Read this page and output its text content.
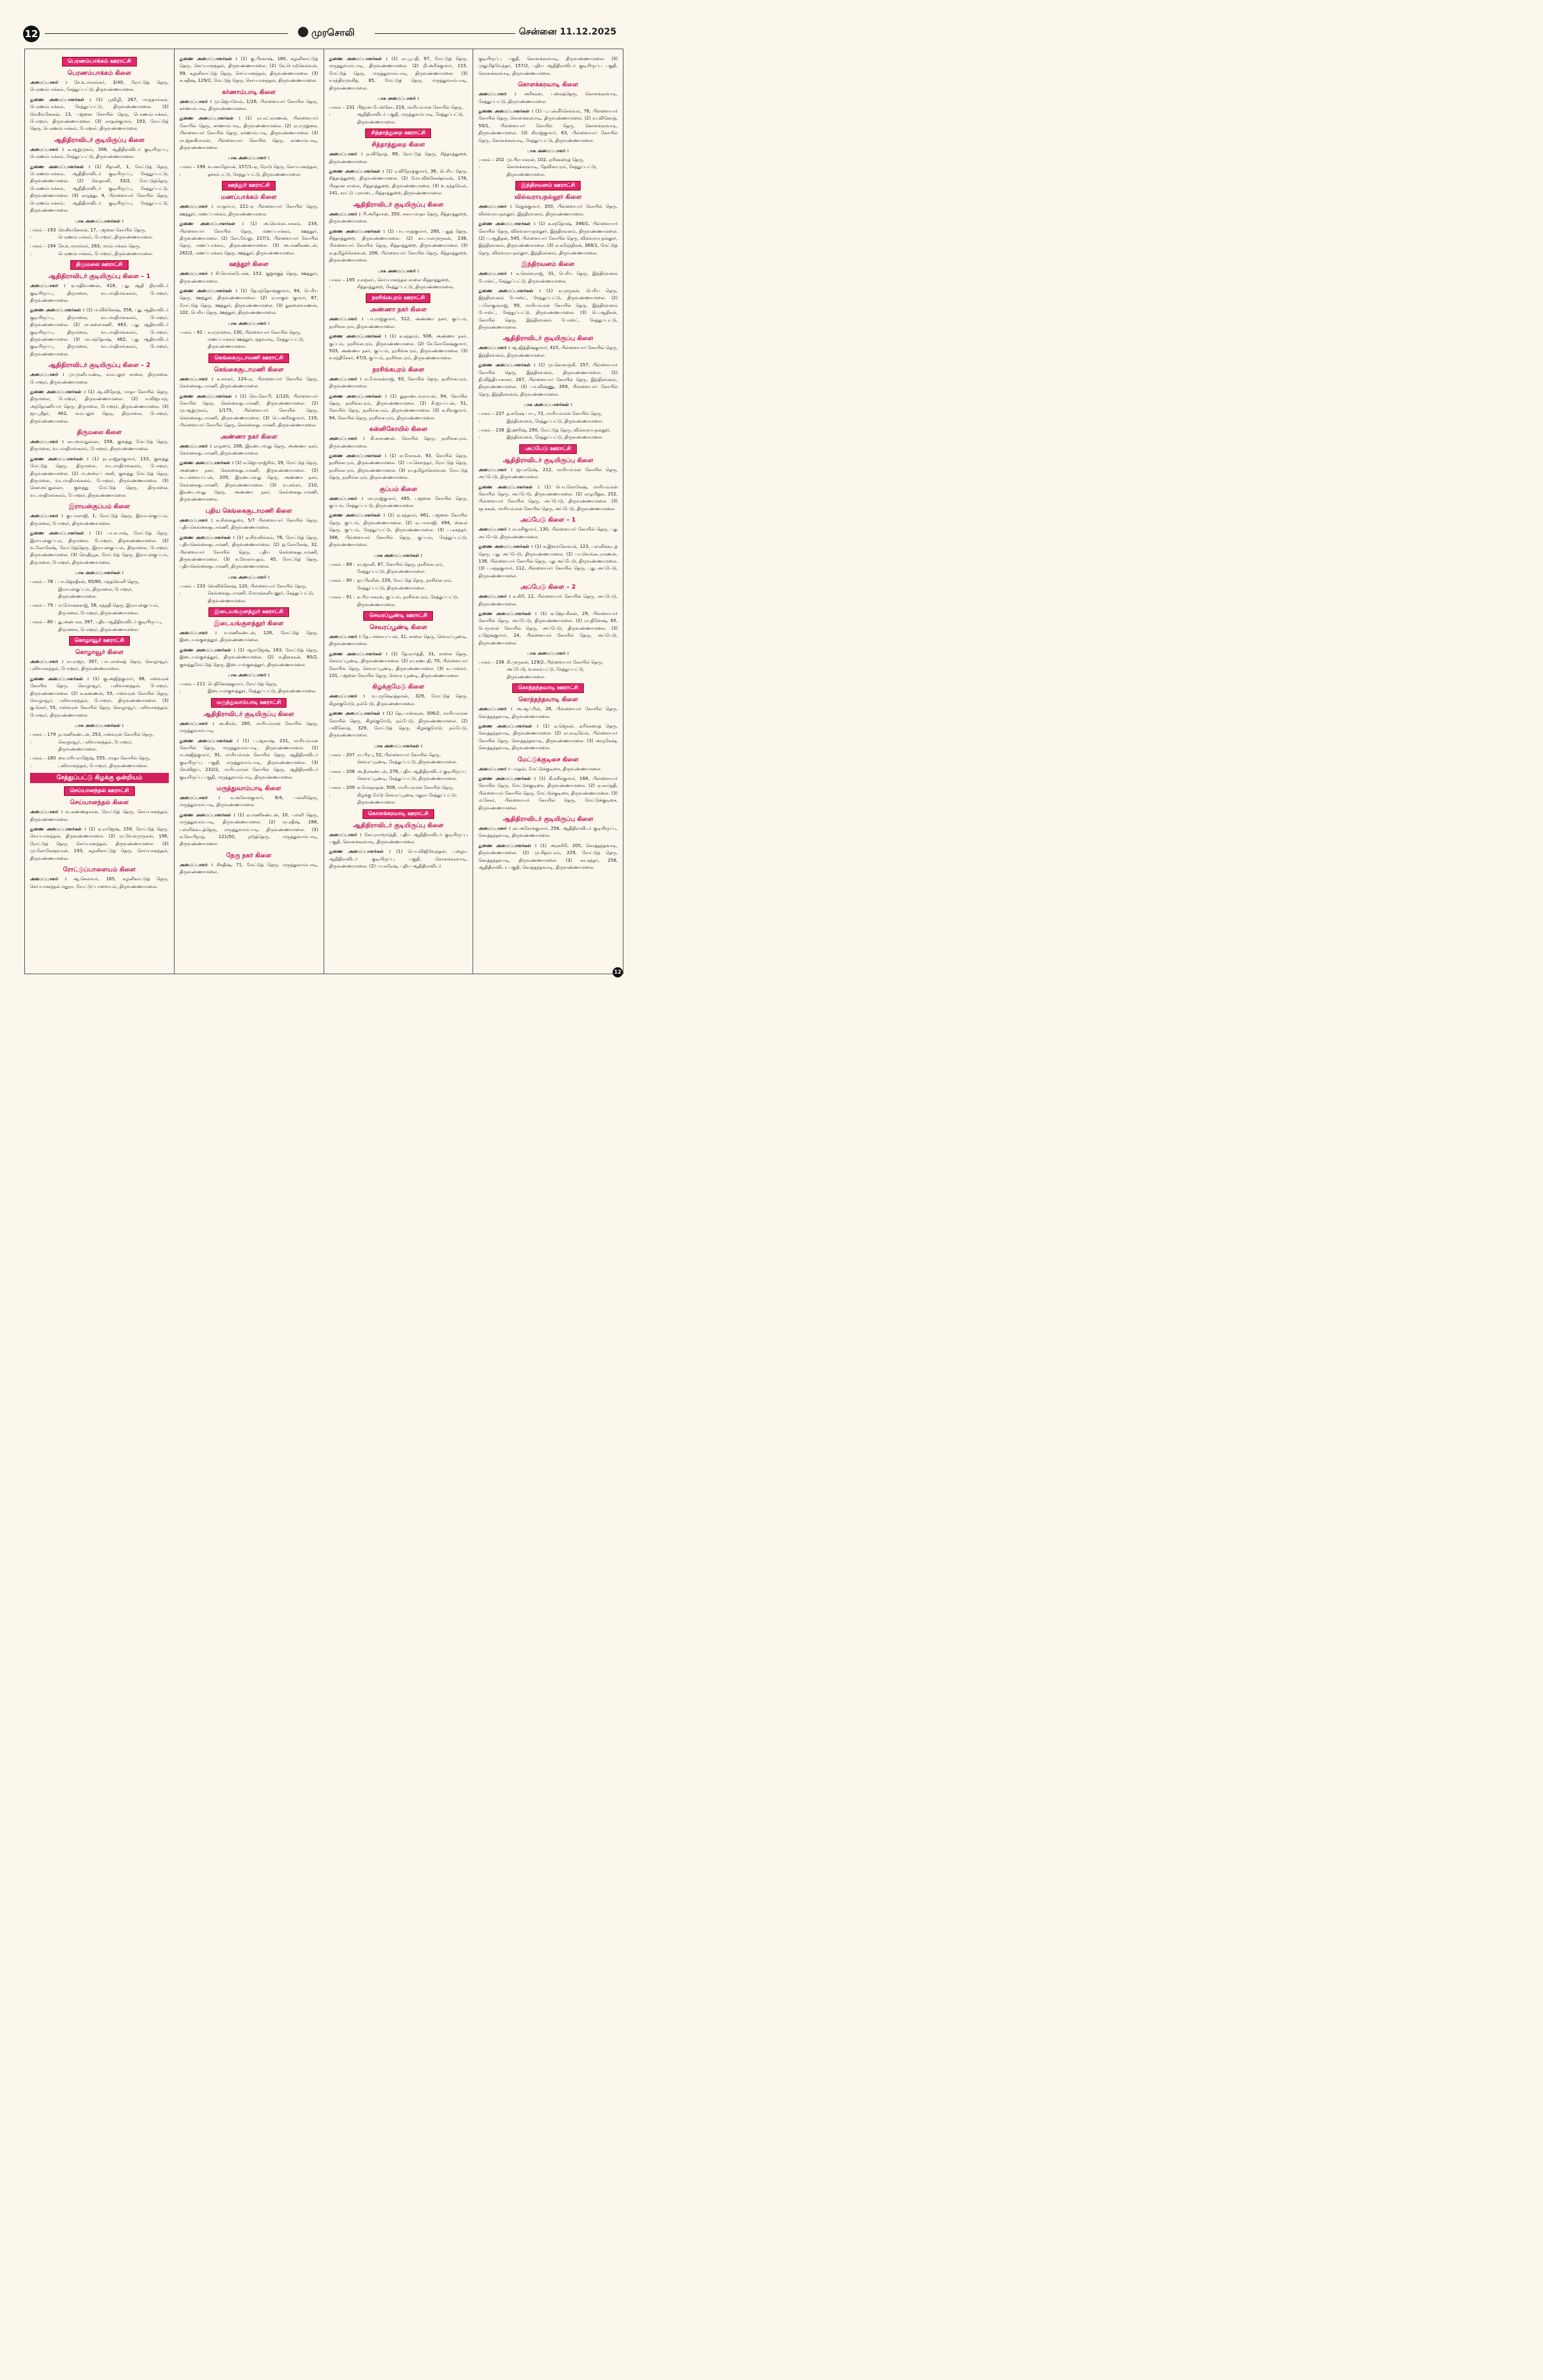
12	முரசொலி	சென்னை 11.12.2025
பெரணம்பாக்கம் ஊராட்சி
பெரணம்பாக்கம் கிளை

அமைப்பாளர் : சே.உ.மாசங்கர், 3/40, ரோட்டுத் தெரு, பெரணம்பாக்கம், சேத்துப்பட்டு, திருவண்ணாமலை.

துணை அமைப்பாளர்கள் : (1) பூவிழி, 267, மாந்தாங்கல், பெரணம்பாக்கம், சேத்துப்பட்டு, திருவண்ணாமலை. (2) வெகீவனேசன், 13, பஜனை கோயில் தெரு, பெரணம்பாக்கம், போளூர், திருவண்ணாமலை. (3) சமதன்குமார், 193, ரோட்டுத் தெரு, பெரணம்பாக்கம், போளூர், திருவண்ணாமலை.

ஆதிதிராவிடர் குடியிருப்பு கிளை

அமைப்பாளர் : க.ஆறுமுகம், 398, ஆதிதிராவிடர் குடியிருப்பு, பெரணம்பாக்கம், சேத்துப்பட்டு, திருவண்ணாமலை.

துணை அமைப்பாளர்கள் : (1) சிதானி, 1, மேட்டுத் தெரு, பெரணம்பாக்கம், ஆதிதிராவிடர் குடியிருப்பு, சேத்துப்பட்டு, திருவண்ணாமலை. (2) வெதானி, 33/2, மேட்டுத்தெரு, பெரணம்பாக்கம், ஆதிதிராவிடர் குடியிருப்பு, சேத்துப்பட்டு, திருவண்ணாமலை. (3) ஏழுத்து, 4, பிள்ளையார் கோயில் தெரு, பெரணம்பாக்கம், ஆதிதிராவிடர் குடியிருப்பு, சேத்துப்பட்டு, திருவண்ணாமலை.

பாக அமைப்பாளர்கள் :
பாகம் – 193 :
வெகீவனேசன், 17, பஜனை கோயில் தெரு, பெரணம்பாக்கம், போளூர், திருவண்ணாமலை.
பாகம் – 194 :
சே.உ.மாசங்கர், 263, மாம்பாக்கம் தெரு, பெரணம்பாக்கம், போளூர், திருவண்ணாமலை.
திருமலை ஊராட்சி
ஆதிதிராவிடர் குடியிருப்பு கிளை – 1

அமைப்பாளர் : ஏ.மதிவாணன், 418, புது ஆதி திராவிடர் குடியிருப்பு, திருமலை, வடமாதிமங்கலம், போளூர், திருவண்ணாமலை.

துணை அமைப்பாளர்கள் : (1) ம.விக்னேஷ், 358, புது ஆதிராவிடர் குடியிருப்பு, திருமலை, வடமாதிமங்கலம், போளூர், திருவண்ணாமலை. (2) ரா.கலைமணி, 463, புது ஆதிராவிடர் குடியிருப்பு, திருமலை, வடமாதிமங்கலம், போளூர், திருவண்ணாமலை. (3) மா.சந்தோஷ், 462, புது ஆதிராவிடர் குடியிருப்பு, திருமலை, வடமாதிமங்கலம், போளூர், திருவண்ணாமலை.

ஆதிதிராவிடர் குடியிருப்பு கிளை – 2

அமைப்பாளர் : மு.முனியாண்டி, வம்பலூர் சாலை, திருமலை, போளூர், திருவண்ணாமலை.

துணை அமைப்பாளர்கள் : (1) ஆ.விநோத், மாதா கோயில் தெரு, திருமலை, போளூர், திருவண்ணாமலை. (2) ச.விஜயாந், அந்தோணியார் தெரு, திருமலை, போளூர், திருவண்ணாமலை. (3) ஜா.ஸ்ரீதர், 462, வம்பலூர் தெரு, திருமலை, போளூர், திருவண்ணாமலை.

திருமலை கிளை

அமைப்பாளர் : கா.அமாதுல்லா, 158, குளத்து மேட்டுத் தெரு, திருமலை, வடமாதிமங்கலம், போளூர், திருவண்ணாமலை.

துணை அமைப்பாளர்கள் : (1) நடராஜ்தர்குமார், 133, குளத்து மேட்டுத் தெரு, திருமலை, வடமாதிமங்கலம், போளூர், திருவண்ணாமலை. (2) ம.அஸ்ரப் அலி, குளத்து மேட்டுத் தெரு, திருமலை, வடமாதிமங்கலம், போளூர், திருவண்ணாமலை. (3) கெளஅப்துல்லா, குளத்து மேட்டுத் தெரு, திருமலை, வடமாதிமங்கலம், போளூர், திருவண்ணாமலை.

இராயன்குப்பம் கிளை

அமைப்பாளர் : கு.பாலாஜி, 1, ரோட்டுத் தெரு, இராயன்குப்பம், திருமலை, போளூர், திருவண்ணாமலை.

துணை அமைப்பாளர்கள் : (1) பா.சபாஷ், ரோட்டுத் தெரு, இராயன்குப்பம், திருமலை, போளூர், திருவண்ணாமலை. (2) வ.லோகேஷ், ரோட்டுத்தெரு, இராயன்குப்பம், திருமலை, போளூர், திருவண்ணாமலை. (3) வெதியூசு, ரோட்டுத் தெரு, இராயன்குப்பம், திருமலை, போளூர், திருவண்ணாமலை.

பாக அமைப்பாளர்கள் :
பாகம் – 78 : பா.ஜெகதீசன், 95/80, மந்தவெளி தெரு, இராயன்குப்பம், திருமலை, போளூர், திருவண்ணாமலை.
பாகம் – 79 : ம.மோகனராஜ், 56, சந்நதி தெரு, இராயன்குப்பம், திருமலை, போளூர், திருவண்ணாமலை.
பாகம் – 80 : து.அன்பரசு, 397, புதிய ஆதிதிராவிடர் குடியிருப்பு, திருமலை, போளூர், திருவண்ணாமலை.
கொழாவூர் ஊராட்சி
கொழாவூர் கிளை

அமைப்பாளர் : ரா.ராஜா, 397, பாடசாலைத் தெரு, கொழாவூர், புலிவானந்தல், போளூர், திருவண்ணாமலை.

துணை அமைப்பாளர்கள் : (1) கு.அஜித்குமார், 98, ஈஸ்வரன் கோயில் தெரு, கொழாவூர், புலிவானந்தல், போளூர், திருவண்ணாமலை. (2) க.கண்ணன், 55, ஈஸ்வரன் கோயில் தெரு, கொழாவூர், புலிவானந்தல், போளூர், திருவண்ணாமலை. (3) கு.செசர், 55, ஈஸ்வரன் கோயில் தெரு, கொழாவூர், புலிவானந்தல், போளூர், திருவண்ணாமலை.

பாக அமைப்பாளர்கள் :
பாகம் – 179 :
ந.மணிகண்டன், 253, ஈஸ்வரன் கோயில் தெரு, கொழாவூர், புலிவானந்தல், போளூர், திருவண்ணாமலை.
பாகம் – 180 :
சை.மரியராஜேஷ், 555, மாதா கோயில் தெரு, புலிவானந்தல், போளூர், திருவண்ணாமலை.
சேத்துப்பட்டு கிழக்கு ஒன்றியம்
செய்யானந்தல் ஊராட்சி
செய்யானந்தல் கிளை

அமைப்பாளர் : வ.கண்ணதாசன், ரோட்டுத் தெரு, செய்யானந்தல், திருவண்ணாமலை.

துணை அமைப்பாளர்கள் : (1) ஏ.ராஜேஷ், 159, ரோட்டுத் தெரு, செய்யானந்தல், திருவண்ணாமலை. (2) ரா.வேல்முருகன், 196, ரோட்டுத் தெரு, செய்யானந்தல், திருவண்ணாமலை. (3) மு.லோகேஷ்வரன், 193, கழனிகாட்டுத் தெரு, செய்யானந்தல், திருவண்ணாமலை.

ரோட்டுப்பாளையம் கிளை

அமைப்பாளர் : ஆ.செல்வம், 185, கழனிகாட்டுத் தெரு, செய்யானந்தல் மதுரா, ரோட்டுப்பாளையம், திருவண்ணாமலை.

துணை அமைப்பாளர்கள் : (1) கு.பிரகாஷ், 180, கழனிகாட்டுத் தெரு, செய்யானந்தல், திருவண்ணாமலை. (2) கே.பொற்செல்வன், 99, கழனிகாட்டுத் தெரு, செய்யானந்தல், திருவண்ணாமலை. (3) சு.சதிஷ், 129/2, மேட்டுத் தெரு, செய்யானந்தல், திருவண்ணாமலை.

கர்ணாம்பாடி கிளை

அமைப்பாளர் : மு.ஜெயவேல், 1/16, பிள்ளையார் கோயில் தெரு, கர்ணாம்பாடி, திருவண்ணாமலை.

துணை அமைப்பாளர்கள் : (1) ரா.லட்சுமணன், பிள்ளையார் கோயில் தெரு, கர்ணாம்பாடி, திருவண்ணாமலை. (2) ஏ.ரமுறுகை, பிள்ளையார் கோயில் தெரு, கர்ணாம்பாடி, திருவண்ணாமலை. (3) ரா.ஜனகிராமன், பிள்ளையார் கோயில் தெரு, கர்ணாம்பாடி, திருவண்ணாமலை.

பாக அமைப்பாளர் :
பாகம் – 198 :
வ.சகாதேவன், 157/1–ஏ, ரோடு தெரு, செய்யானந்தல், தச்சம்பட்டு, சேத்துப்பட்டு, திருவண்ணாமலை.
ஊத்தூர் ஊராட்சி
மணப்பாக்கம் கிளை

அமைப்பாளர் : ம.சூர்யா, 221–ஏ பிள்ளையார் கோயில் தெரு, ஊத்தூர், மணப்பாக்கம், திருவண்ணாமலை.

துணை அமைப்பாளர்கள் : (1) அ.வெங்கடாசலம், 234, பிள்ளையார் கோயில் தெரு, மணப்பாக்கம், ஊத்தூர், திருவண்ணாமலை. (2) கோ.வேலு, 227/1, பிள்ளையார் கோயில் தெரு, மணப்பாக்கம், திருவண்ணாமலை. (3) அ.மணிகண்டன், 262/2, மணப்பாக்கம் தெரு, ஊத்தூர், திருவண்ணாமலை.

ஊத்தூர் கிளை

அமைப்பாளர் : சி.வெங்கடேசன், 152, குறுக்குத் தெரு, ஊத்தூர், திருவண்ணாமலை.

துணை அமைப்பாளர்கள் : (1) தே.சந்தோஷ்குமார், 94, பெரிய தெரு, ஊத்தூர், திருவண்ணாமலை. (2) ஏ.ராகுல் குமார், 87, ரோட்டுத் தெரு, ஊத்தூர், திருவண்ணாமலை. (3) துகலைவாணன், 102, பெரிய தெரு, ஊத்தூர், திருவண்ணாமலை.

பாக அமைப்பாளர் :
பாகம் – 92 : ச.ரமுமலை, 230, பிள்ளையார் கோயில் தெரு, மணப்பாக்கம் ஊத்தூர், ஒதவலடி, சேத்துப்பட்டு, திருவண்ணாமலை.
கெங்கைசூடாமணி ஊராட்சி
கெங்கைசூடாமணி கிளை

அமைப்பாளர் : க.சங்கர், 124–ஏ, பிள்ளையார் கோயில் தெரு, கெங்கைசூடாமணி, திருவண்ணாமலை.

துணை அமைப்பாளர்கள் : (1) வெ.கோபி, 1/120, பிள்ளையார் கோயில் தெரு, கெங்கைசூடாமணி, திருவண்ணாமலை. (2) மு.ஆறுமுகம், 1/175, பிள்ளையார் கோயில் தெரு, கெங்கைசூடாமணி, திருவண்ணாமலை. (3) பெ.அரிக்குமார், 119, பிள்ளையார் கோயில் தெரு, கெங்கைசூடாமணி, திருவண்ணாமலை.

அண்ணா நகர் கிளை

அமைப்பாளர் : ஏழுமை, 208, இரண்டாவது தெரு, அண்ணா நகர், கெங்கைசூடாமணி, திருவண்ணாமலை.

துணை அமைப்பாளர்கள் : (1) க.ஜெயராஜ்சிங், 29, ரோட்டுத் தெரு, அண்ணா நகர், கெங்கைசூடாமணி, திருவண்ணாமலை. (2) வ.பச்சையப்பன், 205, இரண்டாவது தெரு, அண்ணா நகர், கெங்கைசூடாமணி, திருவண்ணாமலை. (3) ரா.சங்கர், 210, இரண்டாவது தெரு, அண்ணா நகர், கெங்கைசூடாமணி, திருவண்ணாமலை.

புதிய கெங்கைசூடாமணி கிளை

அமைப்பாளர் : சு.சின்னதுரை, 5/7 பிள்ளையார் கோயில் தெரு, புதியகெங்கைசூடாமணி, திருவண்ணாமலை.

துணை அமைப்பாளர்கள் : (1) ஏ.சிவலிங்கம், 76, ரோட்டுத் தெரு, புதியகெங்கைசூடாமணி, திருவண்ணாமலை. (2) ஓ.லோகேஷ், 32, பிள்ளையார் கோயில் தெரு, புதிய கெங்கைசூடாமணி, திருவண்ணாமலை. (3) க.வேலாயுதம், 45, ரோட்டுத் தெரு, புதியகெங்கைசூடாமணி, திருவண்ணாமலை.

பாக அமைப்பாளர் :
பாகம் – 233 :
வெவிக்னேஷ், 120, பிள்ளையார் கோயில் தெரு, கெங்கைசூடாமணி, மோரக்கனியனூர், சேத்துப்பட்டு, திருவண்ணாமலை.
இடையங்குளத்தூர் ஊராட்சி
இடையங்குளத்தூர் கிளை

அமைப்பாளர் : ச.மணிகண்டன், 126, ரோட்டுத் தெரு, இடையங்குளத்தூர், திருவண்ணாமலை.

துணை அமைப்பாளர்கள் : (1) ஆராஜேஷ், 163, ரோட்டுத் தெரு, இடையங்குளத்தூர், திருவண்ணாமலை. (2) க.தினகரன், 80/2, குளத்துமேட்டுத் தெரு, இடையங்குளத்தூர், திருவண்ணாமலை.

பாக அமைப்பாளர் :
பாகம் – 211 :
பெதினேஷ்குமார், ரோட்டுத் தெரு, இடையங்குளத்தூர், சேத்துப்பட்டு, திருவண்ணாமலை.
மருத்துவாம்பாடி ஊராட்சி
ஆதிதிராவிடர் குடியிருப்பு கிளை

அமைப்பாளர் : அ.கிரன், 260, மாரியம்மன் கோயில் தெரு, மருத்துவாம்பாடி.

துணை அமைப்பாளர்கள் : (1) ப.ஆகாஷ், 231, மாரியம்மன் கோயில் தெரு, மருத்துவாம்பாடி, திருவண்ணாமலை. (2) ம.அஜித்குமார், 91, மாரியம்மன் கோயில் தெரு, ஆதிதிராவிடர் குடியிருப்பு பகுதி, மருத்துவாம்பாடி, திருவண்ணாமலை. (3) வேவிஜய், 232/2, மாரியம்மன் கோயில் தெரு, ஆதிதிராவிடர் குடியிருப்பு பகுதி, மருத்துவாம்பாடி, திருவண்ணாமலை.

மருத்துவாம்பாடி கிளை

அமைப்பாளர் : க.அசோக்குமார், 9/4, பள்ளிதெரு, மருத்துவாம்பாடி, திருவண்ணாமலை.

துணை அமைப்பாளர்கள் : (1) ஏ.மணிகண்டன், 10, பள்ளி தெரு, மருத்துவாம்பாடி, திருவண்ணாமலை. (2) ரா.சதீஷ், 188, பள்ளிக்கூடத்தெரு, மருத்துவாம்பாடி, திருவண்ணாமலை. (3) க.கோபிநாத், 121/50, நடுத்தெரு, மருத்துவாம்பாடி, திருவண்ணாமலை.

நேரு நகர் கிளை

அமைப்பாளர் : சிசதிஷ், 71, மேட்டுத் தெரு, மருத்துவாம்பாடி, திருவண்ணாமலை.

துணை அமைப்பாளர்கள் : (1) ரா.பூபதி, 97, மேட்டுத் தெரு, மருத்துவாம்பாடி, திருவண்ணாமலை. (2) நி.அரிக்குமார், 115, மேட்டுத் தெரு, மருத்துவாம்பாடி, திருவண்ணாமலை. (3) ச.சந்திரமுரசித், 85, மேட்டுத் தெரு, மருத்துவாம்பாடி, திருவண்ணாமலை.

பாக அமைப்பாளர் :
பாகம் – 231 :
பிஜான் பேஸ்கோ, 219, மாரியம்மன் கோயில் தெரு, ஆதிதிராவிடர் பகுதி, மருத்துவம்பாடி, சேத்துப்பட்டு, திருவண்ணாமலை.
சித்தாத்துறை ஊராட்சி
சித்தாத்துறை கிளை

அமைப்பாளர் : ந.விநோத், 89, ரோட்டுத் தெரு, சித்தாத்துறை, திருவண்ணாமலை.

துணை அமைப்பாளர்கள் : (1) ர.விநோத்குமார், 36, பெரிய தெரு, சித்தாத்துறை, திருவண்ணாமலை. (2) மோ.விக்னேஷ்வரன், 178, பிரதான சாலை, சித்தாத்துறை, திருவண்ணாமலை. (3) உ.கந்தவேல், 141, காட்டு புரவடை, சித்தாத்துறை, திருவண்ணாமலை.

ஆதிதிராவிடர் குடியிருப்பு கிளை

அமைப்பாளர் : பி.அரிதாசன், 350, சகாயமாதா தெரு, சித்தாத்துறை, திருவண்ணாமலை.

துணை அமைப்பாளர்கள் : (1) பா.பாரத்குமார், 260, புதுத் தெரு, சித்தாத்துறை, திருவண்ணாமலை. (2) கா.பாலமுருகன், 238, பிள்ளையார் கோயில் தெரு, சித்தாத்துறை, திருவண்ணாமலை. (3) ஏ.தமிழ்ச்செல்வன், 206, பிள்ளையார் கோயில் தெரு, சித்தாத்துறை, திருவண்ணாமலை.

பாக அமைப்பாளர் :
பாகம் – 195 :
ர.சஞ்சய், செய்யானந்தல் சாலை சித்தாத்துறை, சித்தாத்துறை, சேத்துப்பட்டு, திருவண்ணாமலை.
நரசிங்கபுரம் ஊராட்சி
அண்ணா நகர் கிளை

அமைப்பாளர் : பா.ராஜ்குமார், 512, அண்ணா நகர், குப்பம், நரசிங்கபுரம், திருவண்ணாமலை.

துணை அமைப்பாளர்கள் : (1) க.கந்தாம், 506, அண்ணா நகர், குப்பம், நரசிங்கபுரம், திருவண்ணாமலை. (2) சே.லோகேஷ்குமார், 503, அண்ணா நகர், குப்பம், நரசிங்கபுரம், திருவண்ணாமலை. (3) க.சந்திசேகர், 47/3, குப்பம், நரசிங்கபுரம், திருவண்ணாமலை.

நரசிங்கபுரம் கிளை

அமைப்பாளர் : ஏ.மோகன்ராஜ், 93, கோயில் தெரு, நரசிங்கபுரம், திருவண்ணாமலை.

துணை அமைப்பாளர்கள் : (1) துதாண்டவராயன், 94, கோயில் தெரு, நரசிங்கபுரம், திருவண்ணாமலை. (2) சி.ஜயப்பன், 51, கோயில் தெரு, நரசிங்கபுரம், திருவண்ணாமலை. (3) க.சிவகுமார், 94, கோயில் தெரு, நரசிங்கபுரம், திருவண்ணாமலை.

கன்னிகோயில் கிளை

அமைப்பாளர் : கி.சரவணன், கோயில் தெரு, நரசிங்கபுரம், திருவண்ணாமலை.

துணை அமைப்பாளர்கள் : (1) ஏ.மோகன், 93, கோயில் தெரு, நரசிங்கபுரம், திருவண்ணாமலை. (2) பா.சௌந்தர், ரோட்டுத் தெரு, நரசிங்கபுரம், திருவண்ணாமலை. (3) ரா.தமிழ்ச்செல்வன், ரோட்டுத் தெரு, நரசிங்கபுரம், திருவண்ணாமலை.

குப்பம் கிளை

அமைப்பாளர் : மா.ராஜ்குமார், 485, பஜனை கோயில் தெரு, குப்பம், சேத்துப்பட்டு, திருவண்ணாமலை.

துணை அமைப்பாளர்கள் : (1) ஏ.கந்தாம், 461, பஜனை கோயில் தெரு, குப்பம், திருவண்ணாமலை. (2) ஏ.பாலாஜி, 494, ஸ்கூல் தெரு, குப்பம், சேத்துப்பட்டு, திருவண்ணாமலை. (3) ப.சுகந்தர், 388, பிள்ளையார் கோயில் தெரு, குப்பம், சேத்துப்பட்டு, திருவண்ணாமலை.

பாக அமைப்பாளர்கள் :
பாகம் – 89 : ரா.ஜானி, 87, கோயில் தெரு, நரசிங்கபுரம், சேத்துப்பட்டு, திருவண்ணாமலை.
பாகம் – 90 : தா.பிரவீன், 229, ரோட்டுத் தெரு, நரசிங்கபுரம், சேத்துப்பட்டு, திருவண்ணாமலை.
பாகம் – 91 : க.பிரபாகரன், குப்பம், நரசிங்கபுரம், சேத்துப்பட்டு, திருவண்ணாமலை.
செவரப்பூண்டி ஊராட்சி
செவரப்பூண்டி கிளை

அமைப்பாளர் : தே.பச்சையப்பன், 31, சாலை தெரு, செவரப்பூண்டி, திருவண்ணாமலை.

துணை அமைப்பாளர்கள் : (1) தே.கார்த்தி, 31, சாலை தெரு, செவரப்பூண்டி, திருவண்ணாமலை. (2) ரா.கணபதி, 70, பிள்ளையார் கோயில் தெரு, செவரப்பூண்டி, திருவண்ணாமலை. (3) க.பாஸ்கர், 101, பஜனை கோயில் தெரு, செவரப்பூண்டி, திருவண்ணாமலை.

கிழக்குமேடு கிளை

அமைப்பாளர் : ம.புருஷோத்தமன், 329, ரோட்டுத் தெரு, கிழக்குமேடு, நம்பேடு, திருவண்ணாமலை.

துணை அமைப்பாளர்கள் : (1) தெ.பாஸ்கரன், 306/2, மாரியம்மன் கோயில் தெரு, கிழக்குமேடு, நம்பேடு, திருவண்ணாமலை. (2) பவினோத், 329, ரோட்டுத் தெரு, கிழக்குமேடு, நம்பேடு, திருவண்ணாமலை.

பாக அமைப்பாளர்கள் :
பாகம் – 207 :
ரா.பிரபு, 52, பிள்ளையார் கோயில் தெரு, செவரப்பூண்டி, சேத்துப்பட்டு, திருவண்ணாமலை.
பாகம் – 208 :
அ.நீலகண்டன், 276, புதிய ஆதிதிராவிடர் குடியிருப்பு செவரப்பூண்டி, சேத்துப்பட்டு, திருவண்ணாமலை.
பாகம் – 209 :
க.மேகநாதன், 508, மாரியம்மன் கோயில் தெரு, கிழக்கு மேடு செவரப்பூண்டி மதுரா சேத்துப்பட்டு, திருவண்ணாமலை.
கொளக்கரவாடி ஊராட்சி
ஆதிதிராவிடர் குடியிருப்பு கிளை

அமைப்பாளர் : கோ.ராமமூர்த்தி, புதிய ஆதிதிராவிடர் குடியிருப்பு பகுதி, கொளக்கரவாடி, திருவண்ணாமலை.

துணை அமைப்பாளர்கள் : (1) பொ.விஜிவேந்தன், பழைய ஆதிதிராவிடர் குடியிருப்பு பகுதி, கொளக்கரவாடி, திருவண்ணாமலை. (2) பா.சுரேஷ், புதிய ஆதிதிராவிடர்

குடியிருப்பு பகுதி, கொளக்கரவாடி, திருவண்ணாமலை. (3) முதுமித்வேந்தர், 157/2, புதிய ஆதிதிராவிடர் குடியிருப்பு பகுதி, கொளக்கரவாடி, திருவண்ணாமலை.

கொளக்கரவாடி கிளை

அமைப்பாளர் : அரிகரன், பஸ்லத்தெரு, கொளக்கரவாடி, சேத்துப்பட்டு, திருவண்ணாமலை.

துணை அமைப்பாளர்கள் : (1) பு.பன்னீர்செல்வம், 76, பிள்ளையார் கோயில் தெரு, கொளக்கரவாடி, திருவண்ணாமலை. (2) ரா.வினோத், 59/1, பிள்ளையார் கோயில் தெரு, கொளக்கரவாடி, திருவண்ணாமலை. (3) கிராஜ்குமார், 63, பிள்ளையார் கோயில் தெரு, கொளக்கரவாடி, சேத்துப்பட்டு, திருவண்ணாமலை.

பாக அமைப்பாளர் :
பாகம் – 202 :
மு.பிரபாகரன், 102, ஏரிக்கரைத் தெரு, கொளக்கரவாடி, தேவிகாபுரம், சேத்துப்பட்டு, திருவண்ணாமலை.
இந்திரவனம் ஊராட்சி
வில்வராயநல்லூர் கிளை

அமைப்பாளர் : சேதுக்குமார், 350, பிள்ளையார் கோயில் தெரு, வில்வராயநல்லூர், இந்திரவனம், திருவண்ணாமலை.

துணை அமைப்பாளர்கள் : (1) க.சந்தோஷ், 346/1, பிள்ளையார் கோயில் தெரு, வில்வராயநல்லூர், இந்திரவனம், திருவண்ணாமலை. (2) ப.ஆதிதன், 545, பிள்ளையார் கோயில் தெரு, வில்வராயநல்லூர், இந்திரவனம், திருவண்ணாமலை. (3) ஏ.சுரேந்திரன், 368/1, மேட்டுத் தெரு, வில்வராயநல்லூர், இந்திரவனம், திருவண்ணாமலை.

இந்திரவனம் கிளை

அமைப்பாளர் : க.செல்வராஜ், 31, பெரிய தெரு, இந்திரவனம் போஸ்ட், சேத்துப்பட்டு, திருவண்ணாமலை.

துணை அமைப்பாளர்கள் : (1) க.முருகன், பெரிய தெரு, இந்திரவனம் போஸ்ட், சேத்துப்பட்டு, திருவண்ணாமலை. (2) ப.கோகுல்ராஜ், 99, மாரியம்மன் கோயில் தெரு, இந்திரவனம் போஸ்ட், சேத்துப்பட்டு, திருவண்ணாமலை. (3) பெ.ஆதிசன், கோயில் தெரு, இந்திரவனம் போஸ்ட், சேத்துப்பட்டு, திருவண்ணாமலை.

ஆதிதிராவிடர் குடியிருப்பு கிளை

அமைப்பாளர் : ஆ.ஜித்திஷ்குமார், 415, பிள்ளையார் கோயில் தெரு, இந்திரவனம், திருவண்ணாமலை.

துணை அமைப்பாளர்கள் : (1) மு.கொளஞ்சி, 257, பிள்ளையார் கோயில் தெரு, இந்திரவனம், திருவண்ணாமலை. (2) தி.வித்தியாசாகர், 267, பிள்ளையார் கோயில் தெரு, இந்திரவனம், திருவண்ணாமலை. (3) பா.விஷ்ணு, 269, பிள்ளையார் கோயில் தெரு, இந்திரவனம், திருவண்ணாமலை.

பாக அமைப்பாளர்கள் :
பாகம் – 237 :
த.சுரேஷ் பாபு, 72, மாரியம்மன் கோயில் தெரு, இந்திரவனம், சேத்துப்பட்டு, திருவண்ணாமலை.
பாகம் – 238 :
இ.ஹரிஷ், 290, ரோட்டுத் தெரு, வில்வராயநல்லூர், இந்திரவனம், சேத்துப்பட்டு, திருவண்ணாமலை.
அப்பேடு ஊராட்சி
ஆதிதிராவிடர் குடியிருப்பு கிளை

அமைப்பாளர் : ஜா.சுரேஷ், 212, மாரியம்மன் கோயில் தெரு, அப்பேடு, திருவண்ணாமலை.

துணை அமைப்பாளர்கள் : (1) பொ.லோகேஷ், மாரியம்மன் கோயில் தெரு, அப்பேடு, திருவண்ணாமலை. (2) ஏழுமிறுசு, 252, பிள்ளையார் கோயில் தெரு, அப்பேடு, திருவண்ணாமலை. (3) ஞ.சுகன், மாரியம்மன் கோயில் தெரு, அப்பேடு, திருவண்ணாமலை.

அப்பேடு கிளை – 1

அமைப்பாளர் : ரா.சசிகுமார், 130, பிள்ளையார் கோயில் தெரு, புது அப்பேடு, திருவண்ணாமலை.

துணை அமைப்பாளர்கள் : (1) க.இளங்கோவன், 123, பள்ளிக்கூடத் தெரு, புது அப்பேடு, திருவண்ணாமலை. (2) பா.வெங்கடரமணன், 138, பிள்ளையார் கோயில் தெரு, புது அப்பேடு, திருவண்ணாமலை. (3) ப.சந்தகுமார், 112, பிள்ளையார் கோயில் தெரு, புது அப்பேடு, திருவண்ணாமலை.

அப்பேடு கிளை – 2

அமைப்பாளர் : சு.கிரி, 12, பிள்ளையார் கோயில் தெரு, அப்பேடு, திருவண்ணாமலை.

துணை அமைப்பாளர்கள் : (1) ஏ.ஜெயசீலன், 29, பிள்ளையார் கோயில் தெரு, அப்பேடு, திருவண்ணாமலை. (2) ரா.தினேஷ், 65, பெருமாள் கோயில் தெரு, அப்பேடு, திருவண்ணாமலை. (3) ர.ஜேஷ்குமார், 24, பிள்ளையார் கோயில் தெரு, அப்பேடு, திருவண்ணாமலை.

பாக அமைப்பாளர் :
பாகம் – 236 :
கி.முருகன், 129/2, பிள்ளையார் கோயில் தெரு, அப்பேடு, உலகம்பட்டு, சேத்துப்பட்டு, திருவண்ணாமலை.
கொத்தந்தவாடி ஊராட்சி
கொத்தந்தவாடி கிளை

அமைப்பாளர் : அ.ஆப்பின், 28, பிள்ளையார் கோயில் தெரு, கொத்தந்தவாடி, திருவண்ணாமலை.

துணை அமைப்பாளர்கள் : (1) ஏ.ஜெகன், ஏரிக்கரைத் தெரு, கொத்தந்தவாடி, திருவண்ணாமலை. (2) ரா.வடிவேல், பிள்ளையார் கோயில் தெரு, கொத்தந்தவாடி, திருவண்ணாமலை. (3) அழுகேஷ், கொத்தந்தவாடி, திருவண்ணாமலை.

மேட்டுக்குடிசை கிளை

அமைப்பாளர் : பமதன், மேட்டுக்குடிசை, திருவண்ணாமலை.

துணை அமைப்பாளர்கள் : (1) கி.சசிக்குமார், 168, பிள்ளையார் கோயில் தெரு, மேட்டுக்குடிசை, திருவண்ணாமலை. (2) ஏ.கார்த்தி, பிள்ளையார் கோயில் தெரு, மேட்டுக்குடிசை, திருவண்ணாமலை. (3) ம.சேகர், பிள்ளையார் கோயில் தெரு, மேட்டுக்குடிசை, திருவண்ணாமலை.

ஆதிதிராவிடர் குடியிருப்பு கிளை

அமைப்பாளர் : கா.அசோக்குமார், 256, ஆதிதிராவிடர் குடியிருப்பு, கொத்தந்தவாடி, திருவண்ணாமலை.

துணை அமைப்பாளர்கள் : (1) அரசுசிரி, 205, கொத்தந்தவாடி, திருவண்ணாமலை. (2) மு.சிதம்பரம், 229, ரோட்டுத் தெரு, கொத்தந்தவாடி, திருவண்ணாமலை. (3) கா.சுந்தர், 256, ஆதிதிராவிடர் பகுதி, கொத்தந்தவாடி, திருவண்ணாமலை.

12
